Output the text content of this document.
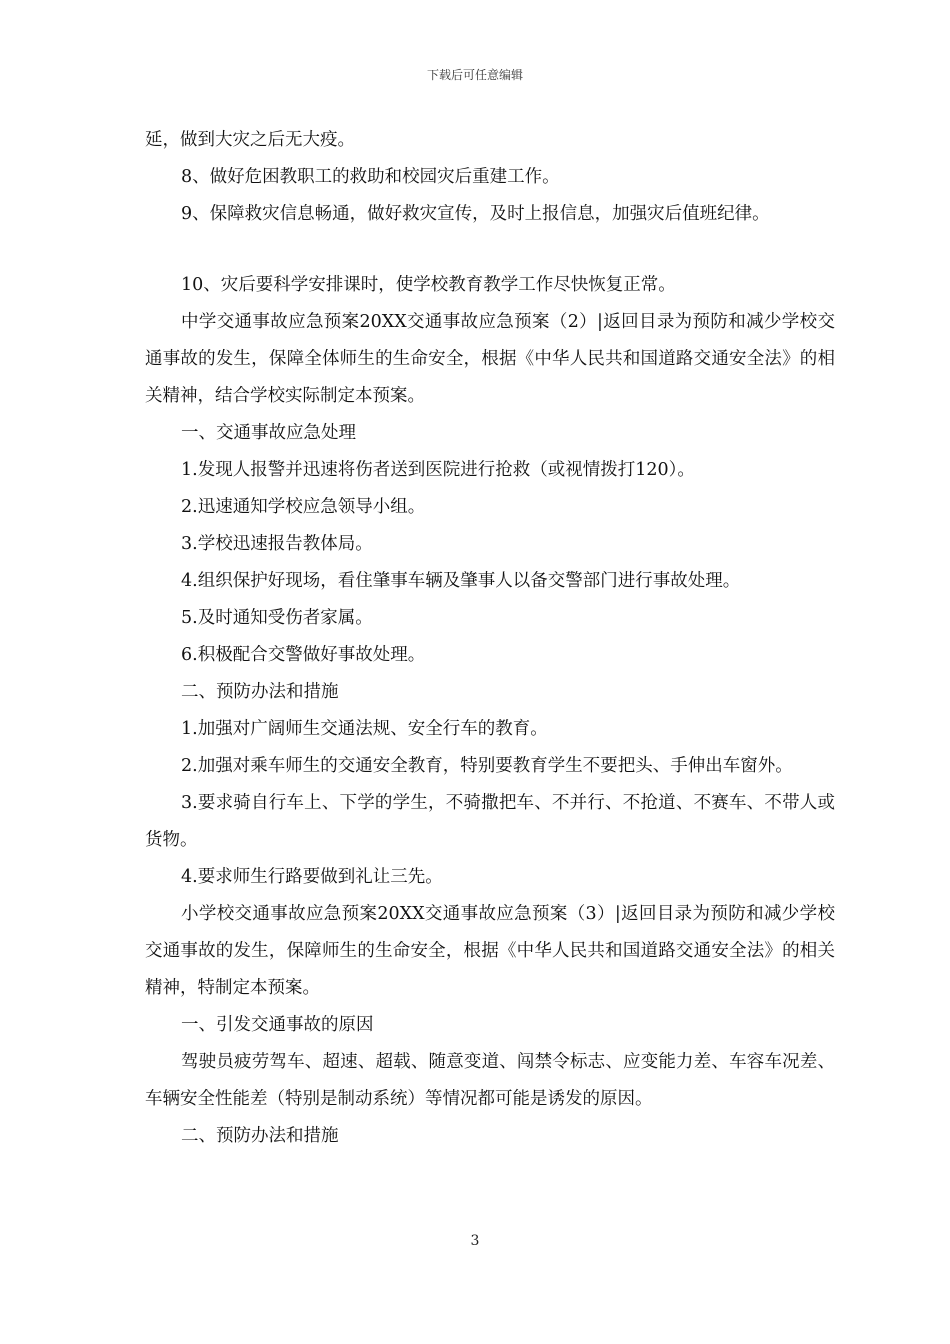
下载后可任意编辑

延，做到大灾之后无大疫。

8、做好危困教职工的救助和校园灾后重建工作。

9、保障救灾信息畅通，做好救灾宣传，及时上报信息，加强灾后值班纪律。

10、灾后要科学安排课时，使学校教育教学工作尽快恢复正常。

中学交通事故应急预案20XX交通事故应急预案（2）|返回目录为预防和减少学校交通事故的发生，保障全体师生的生命安全，根据《中华人民共和国道路交通安全法》的相关精神，结合学校实际制定本预案。

一、交通事故应急处理

1.发现人报警并迅速将伤者送到医院进行抢救（或视情拨打120）。

2.迅速通知学校应急领导小组。

3.学校迅速报告教体局。

4.组织保护好现场，看住肇事车辆及肇事人以备交警部门进行事故处理。

5.及时通知受伤者家属。

6.积极配合交警做好事故处理。

二、预防办法和措施

1.加强对广阔师生交通法规、安全行车的教育。

2.加强对乘车师生的交通安全教育，特别要教育学生不要把头、手伸出车窗外。

3.要求骑自行车上、下学的学生，不骑撒把车、不并行、不抢道、不赛车、不带人或货物。

4.要求师生行路要做到礼让三先。

小学校交通事故应急预案20XX交通事故应急预案（3）|返回目录为预防和减少学校交通事故的发生，保障师生的生命安全，根据《中华人民共和国道路交通安全法》的相关精神，特制定本预案。

一、引发交通事故的原因

驾驶员疲劳驾车、超速、超载、随意变道、闯禁令标志、应变能力差、车容车况差、车辆安全性能差（特别是制动系统）等情况都可能是诱发的原因。

二、预防办法和措施

3
